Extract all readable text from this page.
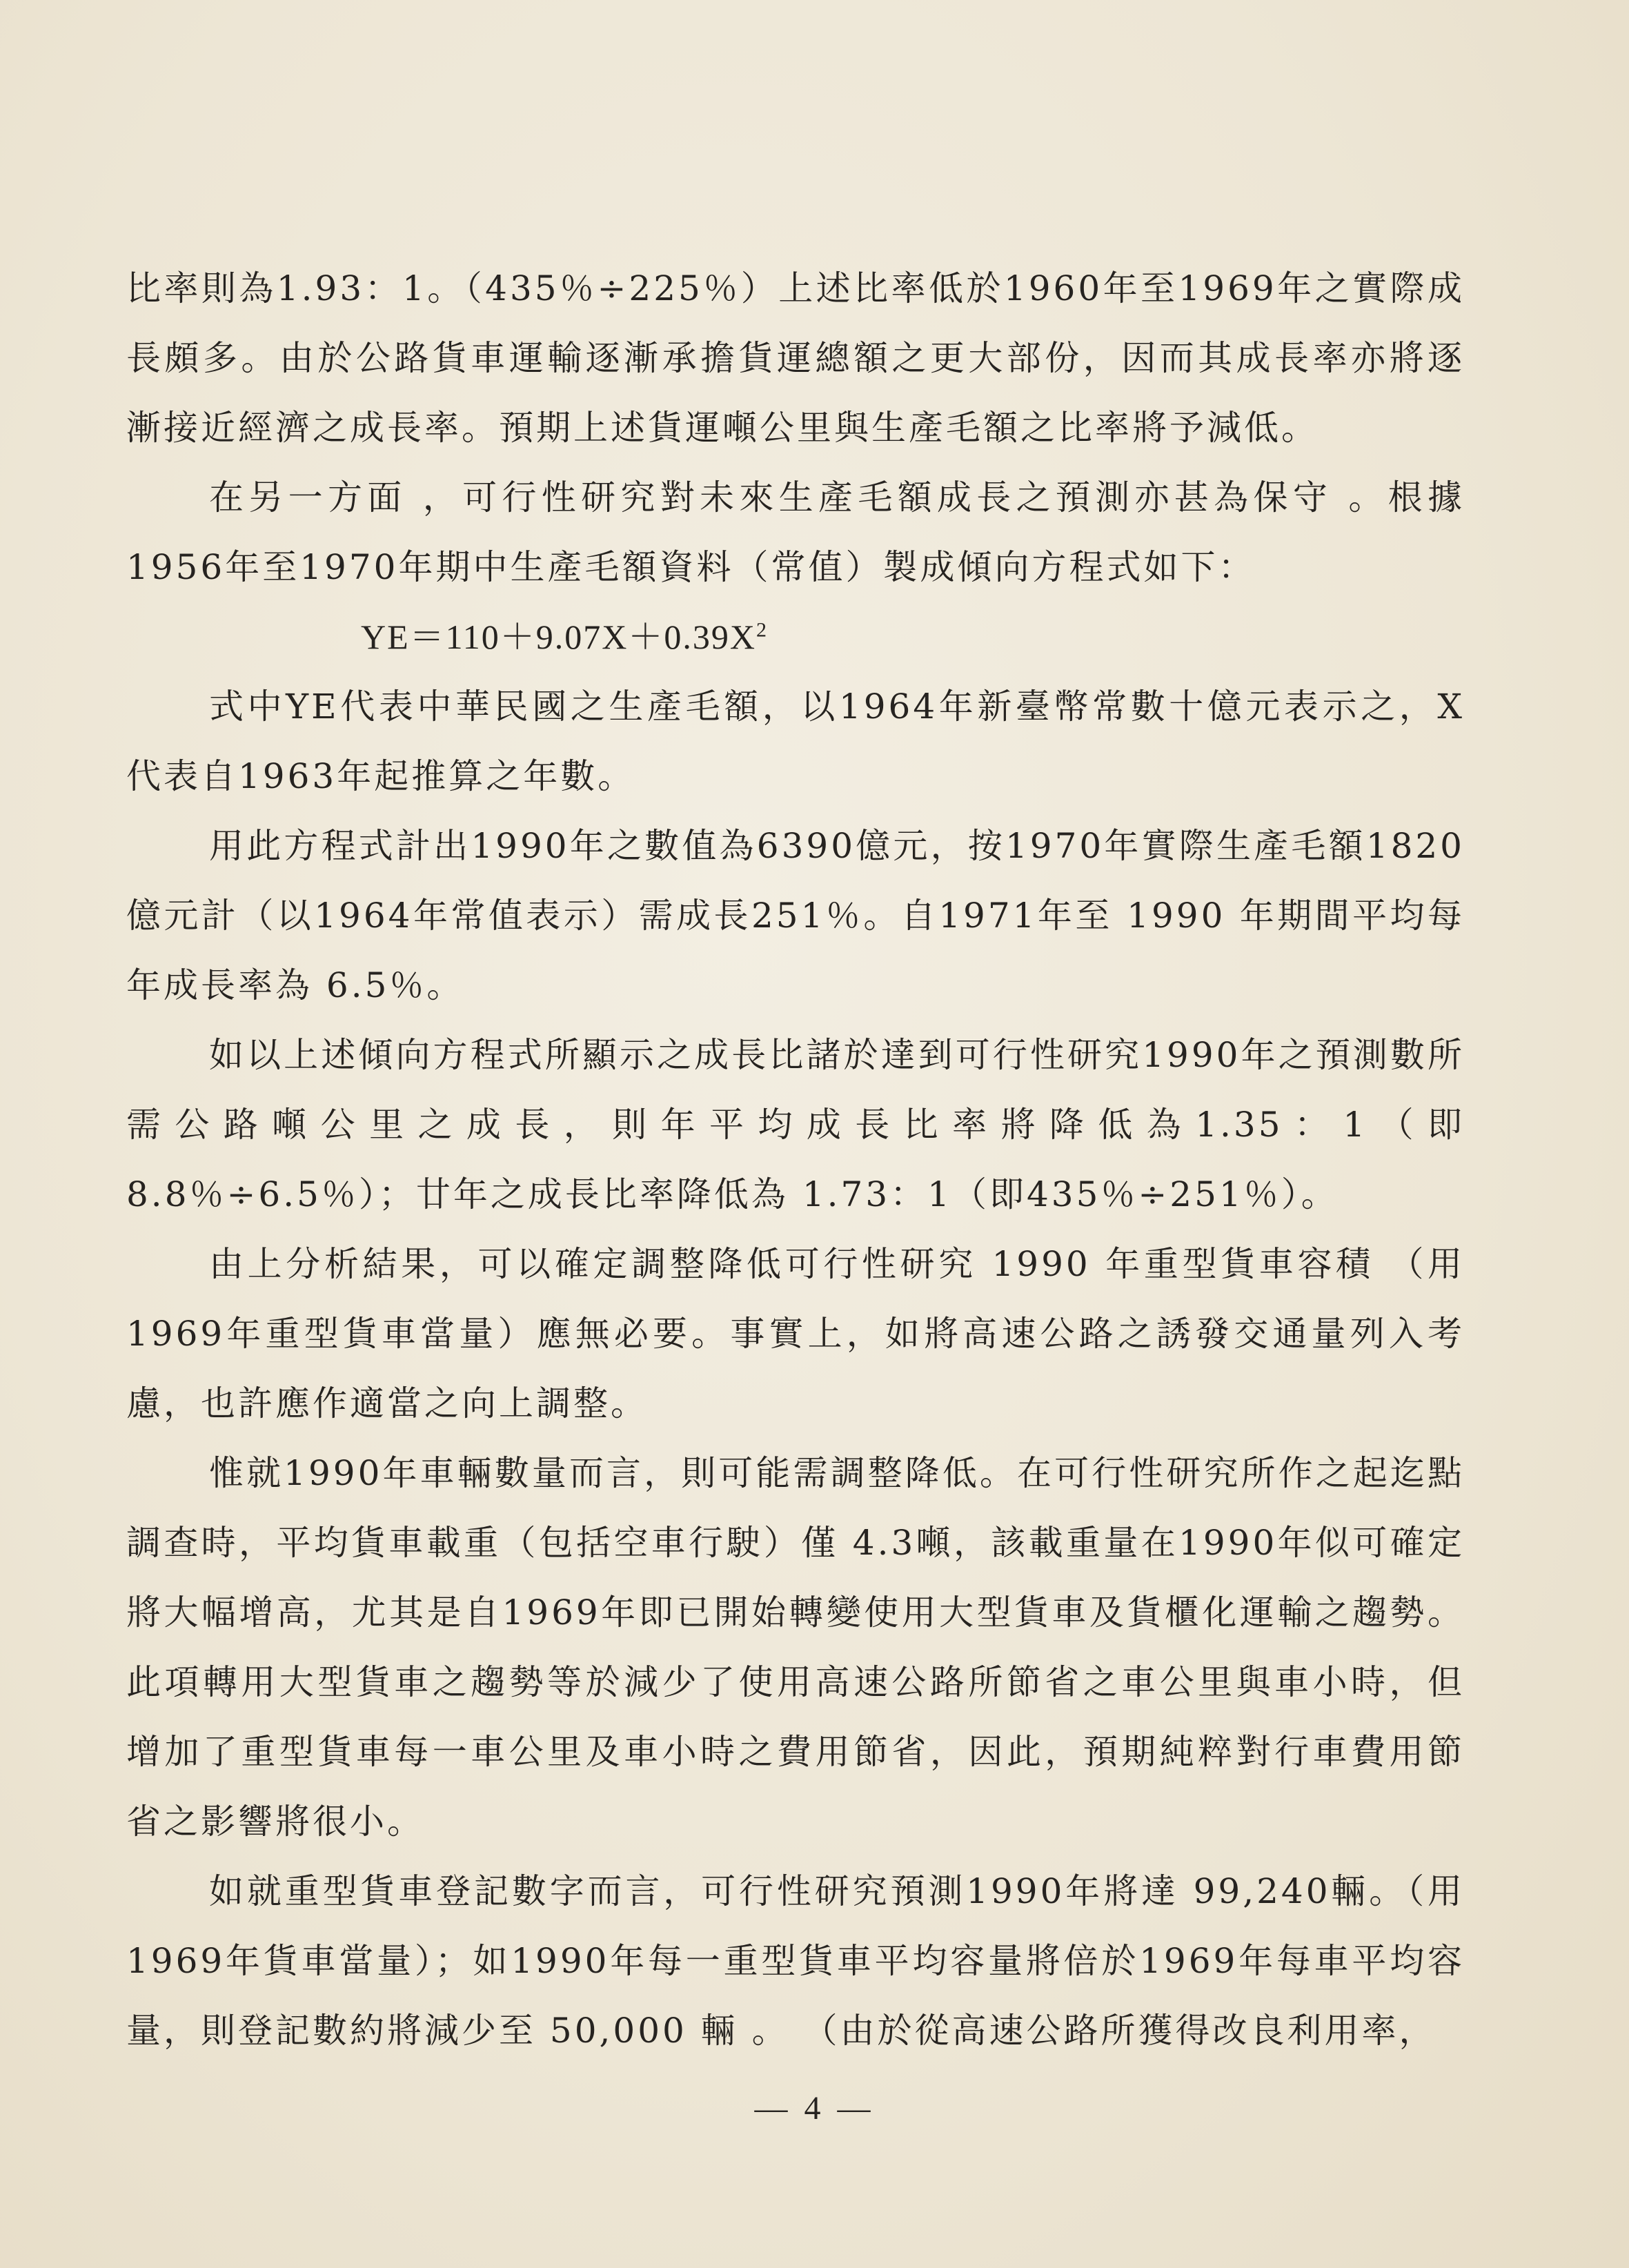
比率則為1.93：1。（435％÷225％）上述比率低於1960年至1969年之實際成長頗多。由於公路貨車運輸逐漸承擔貨運總額之更大部份，因而其成長率亦將逐漸接近經濟之成長率。預期上述貨運噸公里與生產毛額之比率將予減低。

在另一方面 ，可行性研究對未來生產毛額成長之預測亦甚為保守 。根據1956年至1970年期中生產毛額資料（常值）製成傾向方程式如下：

$YE=110+9.07X+0.39X^2$

式中YE代表中華民國之生產毛額，以1964年新臺幣常數十億元表示之，X代表自1963年起推算之年數。

用此方程式計出1990年之數值為6390億元，按1970年實際生產毛額1820億元計（以1964年常值表示）需成長251％。自1971年至 1990 年期間平均每年成長率為 6.5％。

如以上述傾向方程式所顯示之成長比諸於達到可行性研究1990年之預測數所需公路噸公里之成長，則年平均成長比率將降低為1.35：1（即 8.8％÷6.5％）；廿年之成長比率降低為 1.73：1（即435％÷251％）。

由上分析結果，可以確定調整降低可行性研究 1990 年重型貨車容積 （用1969年重型貨車當量）應無必要。事實上，如將高速公路之誘發交通量列入考慮，也許應作適當之向上調整。

惟就1990年車輛數量而言，則可能需調整降低。在可行性研究所作之起迄點調查時，平均貨車載重（包括空車行駛）僅 4.3噸，該載重量在1990年似可確定將大幅增高，尤其是自1969年即已開始轉變使用大型貨車及貨櫃化運輸之趨勢。此項轉用大型貨車之趨勢等於減少了使用高速公路所節省之車公里與車小時，但增加了重型貨車每一車公里及車小時之費用節省，因此，預期純粹對行車費用節省之影響將很小。

如就重型貨車登記數字而言，可行性研究預測1990年將達 99,240輛。（用1969年貨車當量）；如1990年每一重型貨車平均容量將倍於1969年每車平均容量，則登記數約將減少至 50,000 輛 。 （由於從高速公路所獲得改良利用率，

— 4 —
